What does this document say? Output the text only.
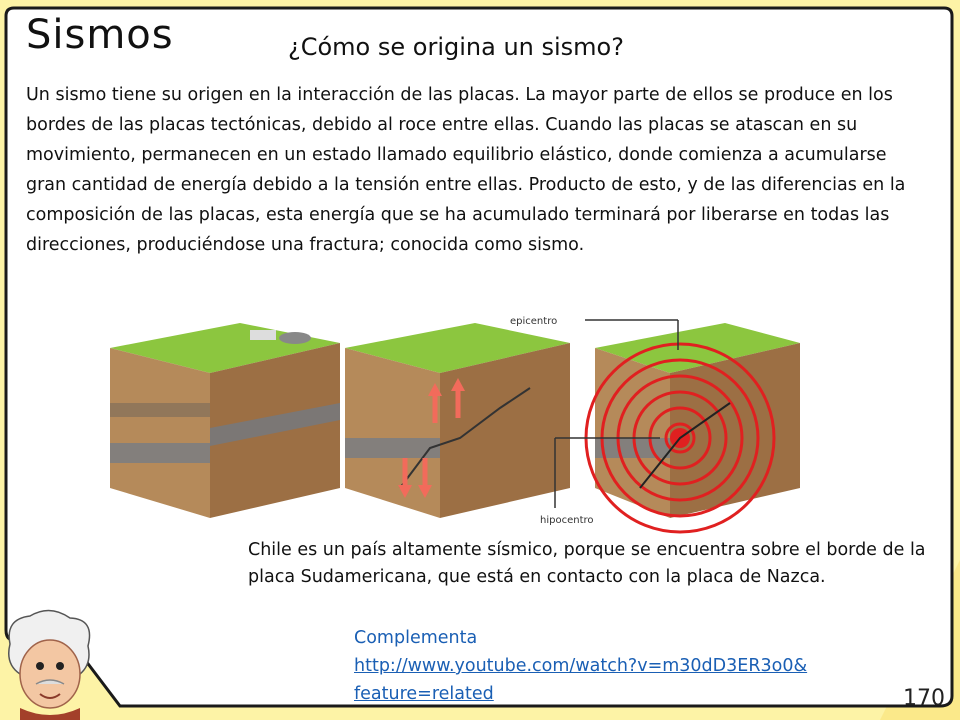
Sismos	¿Cómo se origina un sismo?
Un sismo tiene su origen en la interacción de las placas. La mayor parte de ellos se produce en los bordes de las placas tectónicas, debido al roce entre ellas. Cuando las placas se atascan en su movimiento, permanecen en un estado llamado equilibrio elástico, donde comienza a acumularse gran cantidad de energía debido a la tensión entre ellas. Producto de esto, y de las diferencias en la composición de las placas, esta energía que se ha acumulado terminará por liberarse en todas las direcciones, produciéndose una fractura; conocida como sismo.
epicentro
hipocentro
Chile es un país altamente sísmico, porque se encuentra sobre el borde de la placa Sudamericana, que está en contacto con la placa de Nazca.
Complementa
http://www.youtube.com/watch?v=m30dD3ER3o0&
feature=related	170
